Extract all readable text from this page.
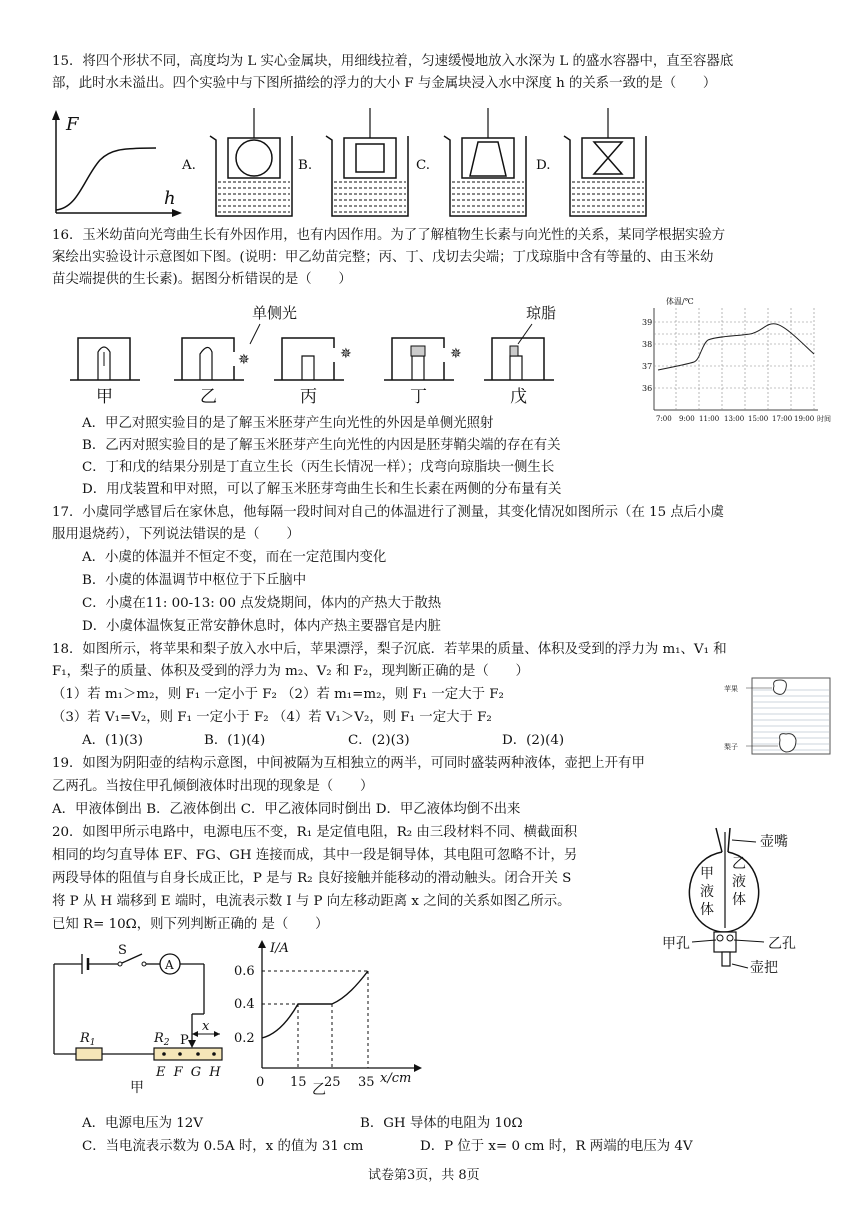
15．将四个形状不同，高度均为 L 实心金属块，用细线拉着，匀速缓慢地放入水深为 L 的盛水容器中，直至容器底
部，此时水未溢出。四个实验中与下图所描绘的浮力的大小 F 与金属块浸入水中深度 h 的关系一致的是（　　）
F
h
A.	B.	C.	D.
16．玉米幼苗向光弯曲生长有外因作用，也有内因作用。为了了解植物生长素与向光性的关系，某同学根据实验方
案绘出实验设计示意图如下图。(说明：甲乙幼苗完整；丙、丁、戊切去尖端；丁戊琼脂中含有等量的、由玉米幼
苗尖端提供的生长素)。据图分析错误的是（　　）
单侧光	琼脂
✵	✵	✵
甲	乙	丙	丁	戊
体温/℃
39
38
37
36
7:00 9:00 11:00 13:00 15:00 17:00 19:00 时间
A．甲乙对照实验目的是了解玉米胚芽产生向光性的外因是单侧光照射
B．乙丙对照实验目的是了解玉米胚芽产生向光性的内因是胚芽鞘尖端的存在有关
C．丁和戊的结果分别是丁直立生长（丙生长情况一样）；戊弯向琼脂块一侧生长
D．用戊装置和甲对照，可以了解玉米胚芽弯曲生长和生长素在两侧的分布量有关
17．小虞同学感冒后在家休息，他每隔一段时间对自己的体温进行了测量，其变化情况如图所示（在 15 点后小虞
服用退烧药），下列说法错误的是（　　）
A．小虞的体温并不恒定不变，而在一定范围内变化
B．小虞的体温调节中枢位于下丘脑中
C．小虞在11: 00-13: 00 点发烧期间，体内的产热大于散热
D．小虞体温恢复正常安静休息时，体内产热主要器官是内脏
18．如图所示，将苹果和梨子放入水中后，苹果漂浮，梨子沉底．若苹果的质量、体积及受到的浮力为 m₁、V₁ 和
F₁，梨子的质量、体积及受到的浮力为 m₂、V₂ 和 F₂，现判断正确的是（　　）
（1）若 m₁＞m₂，则 F₁ 一定小于 F₂ （2）若 m₁=m₂，则 F₁ 一定大于 F₂
（3）若 V₁=V₂，则 F₁ 一定小于 F₂ （4）若 V₁＞V₂，则 F₁ 一定大于 F₂
A．(1)(3)	B．(1)(4)	C．(2)(3)	D．(2)(4)
苹果
梨子
19．如图为阴阳壶的结构示意图，中间被隔为互相独立的两半，可同时盛装两种液体，壶把上开有甲
乙两孔。当按住甲孔倾倒液体时出现的现象是（　　）
A．甲液体倒出 B．乙液体倒出 C．甲乙液体同时倒出 D．甲乙液体均倒不出来
20．如图甲所示电路中，电源电压不变，R₁ 是定值电阻，R₂ 由三段材料不同、横截面积
相同的均匀直导体 EF、FG、GH 连接而成，其中一段是铜导体，其电阻可忽略不计，另
两段导体的阻值与自身长成正比，P 是与 R₂ 良好接触并能移动的滑动触头。闭合开关 S
将 P 从 H 端移到 E 端时，电流表示数 I 与 P 向左移动距离 x 之间的关系如图乙所示。
已知 R= 10Ω，则下列判断正确的 是（　　）
壶嘴
甲
液
体
乙
液
体
甲孔	乙孔
壶把
S
A
x
P
$R_1$	$R_2$
E F G H
甲
I/A
x/cm
0.6
0.4
0.2
0 15 25 35
乙
A．电源电压为 12V	B．GH 导体的电阻为 10Ω
C．当电流表示数为 0.5A 时，x 的值为 31 cm	D．P 位于 x= 0 cm 时，R 两端的电压为 4V
试卷第3页，共 8页
